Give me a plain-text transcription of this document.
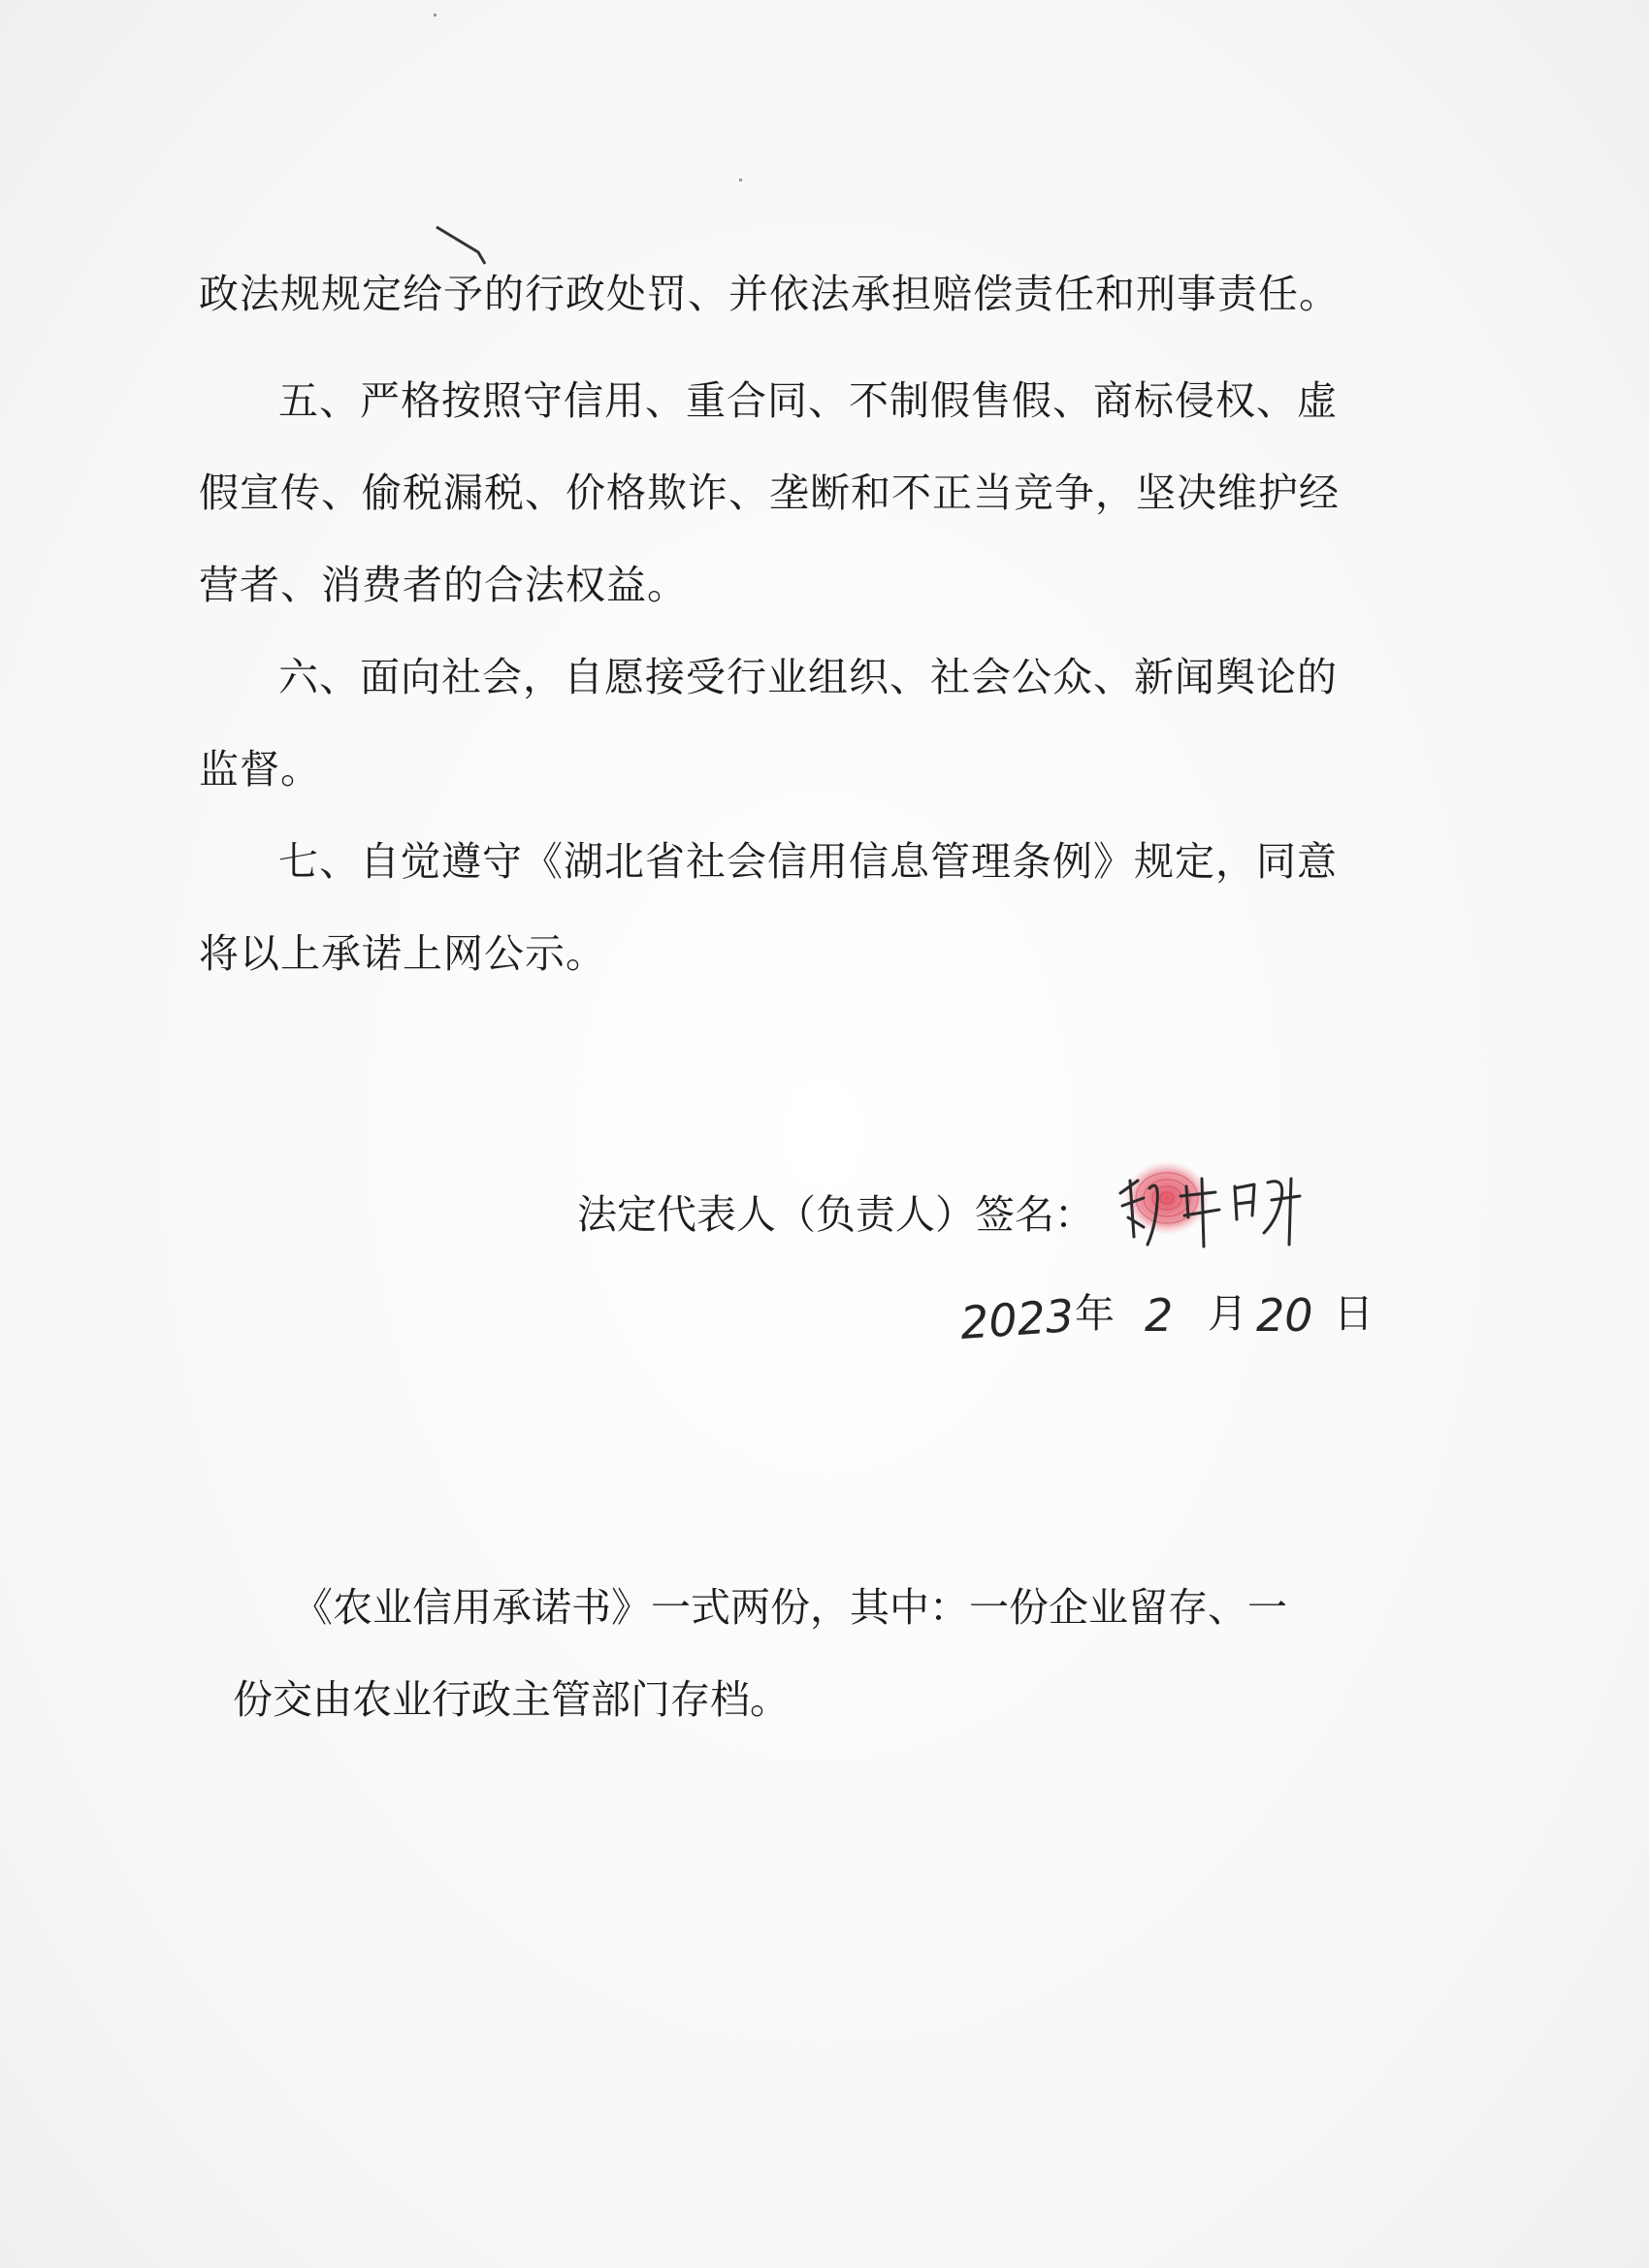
政法规规定给予的行政处罚、并依法承担赔偿责任和刑事责任。
五、严格按照守信用、重合同、不制假售假、商标侵权、虚
假宣传、偷税漏税、价格欺诈、垄断和不正当竞争，坚决维护经
营者、消费者的合法权益。
六、面向社会，自愿接受行业组织、社会公众、新闻舆论的
监督。
七、自觉遵守《湖北省社会信用信息管理条例》规定，同意
将以上承诺上网公示。
法定代表人（负责人）签名：
2023 年 2 月 20 日
《农业信用承诺书》一式两份，其中：一份企业留存、一
份交由农业行政主管部门存档。
